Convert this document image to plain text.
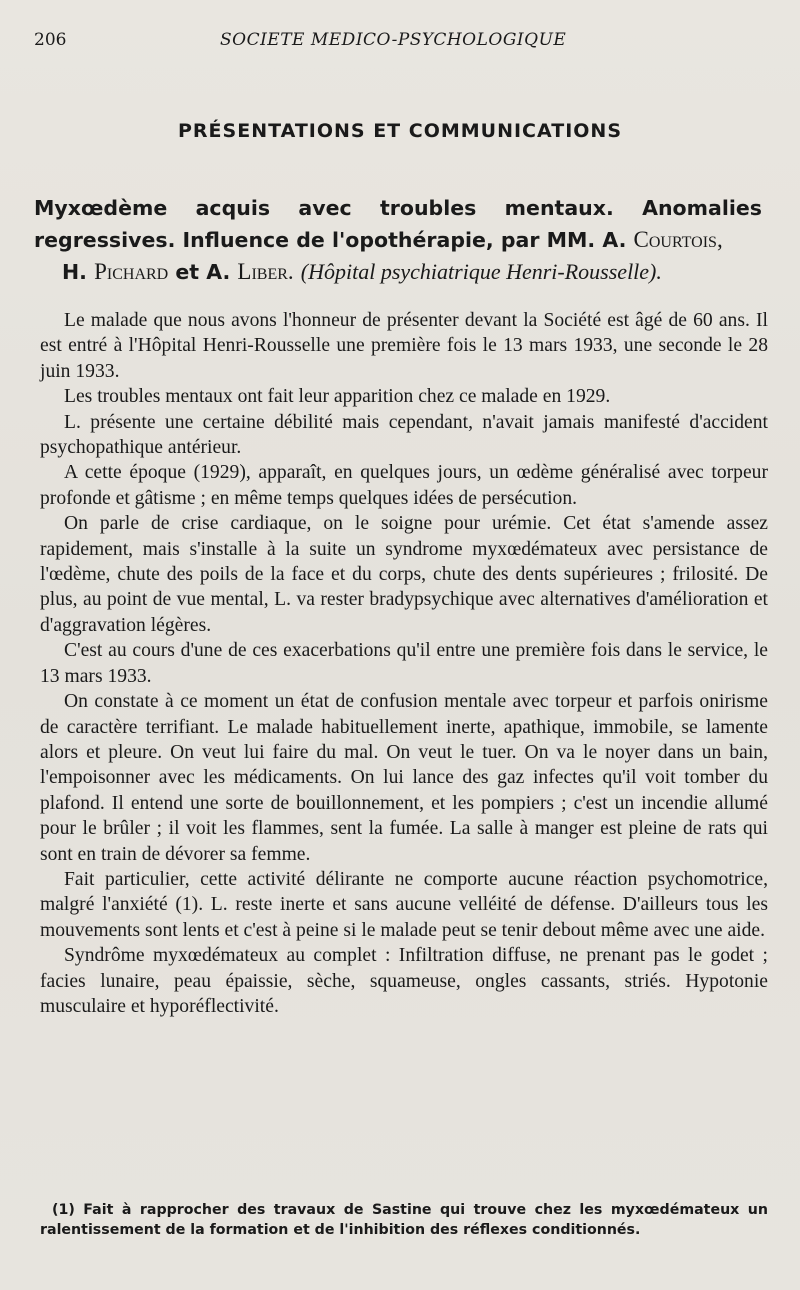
206	SOCIETE MEDICO-PSYCHOLOGIQUE
PRÉSENTATIONS ET COMMUNICATIONS
Myxœdème acquis avec troubles mentaux. Anomalies regressives. Influence de l'opothérapie, par MM. A. Courtois,
H. Pichard et A. Liber. (Hôpital psychiatrique Henri-Rousselle).

Le malade que nous avons l'honneur de présenter devant la Société est âgé de 60 ans. Il est entré à l'Hôpital Henri-Rousselle une première fois le 13 mars 1933, une seconde le 28 juin 1933.

Les troubles mentaux ont fait leur apparition chez ce malade en 1929.

L. présente une certaine débilité mais cependant, n'avait jamais manifesté d'accident psychopathique antérieur.

A cette époque (1929), apparaît, en quelques jours, un œdème généralisé avec torpeur profonde et gâtisme ; en même temps quelques idées de persécution.

On parle de crise cardiaque, on le soigne pour urémie. Cet état s'amende assez rapidement, mais s'installe à la suite un syndrome myxœdémateux avec persistance de l'œdème, chute des poils de la face et du corps, chute des dents supérieures ; frilosité. De plus, au point de vue mental, L. va rester bradypsychique avec alternatives d'amélioration et d'aggravation légères.

C'est au cours d'une de ces exacerbations qu'il entre une première fois dans le service, le 13 mars 1933.

On constate à ce moment un état de confusion mentale avec torpeur et parfois onirisme de caractère terrifiant. Le malade habituellement inerte, apathique, immobile, se lamente alors et pleure. On veut lui faire du mal. On veut le tuer. On va le noyer dans un bain, l'empoisonner avec les médicaments. On lui lance des gaz infectes qu'il voit tomber du plafond. Il entend une sorte de bouillonnement, et les pompiers ; c'est un incendie allumé pour le brûler ; il voit les flammes, sent la fumée. La salle à manger est pleine de rats qui sont en train de dévorer sa femme.

Fait particulier, cette activité délirante ne comporte aucune réaction psychomotrice, malgré l'anxiété (1). L. reste inerte et sans aucune velléité de défense. D'ailleurs tous les mouvements sont lents et c'est à peine si le malade peut se tenir debout même avec une aide.

Syndrôme myxœdémateux au complet : Infiltration diffuse, ne prenant pas le godet ; facies lunaire, peau épaissie, sèche, squameuse, ongles cassants, striés. Hypotonie musculaire et hyporéflectivité.

(1) Fait à rapprocher des travaux de Sastine qui trouve chez les myxœdémateux un ralentissement de la formation et de l'inhibition des réflexes conditionnés.
